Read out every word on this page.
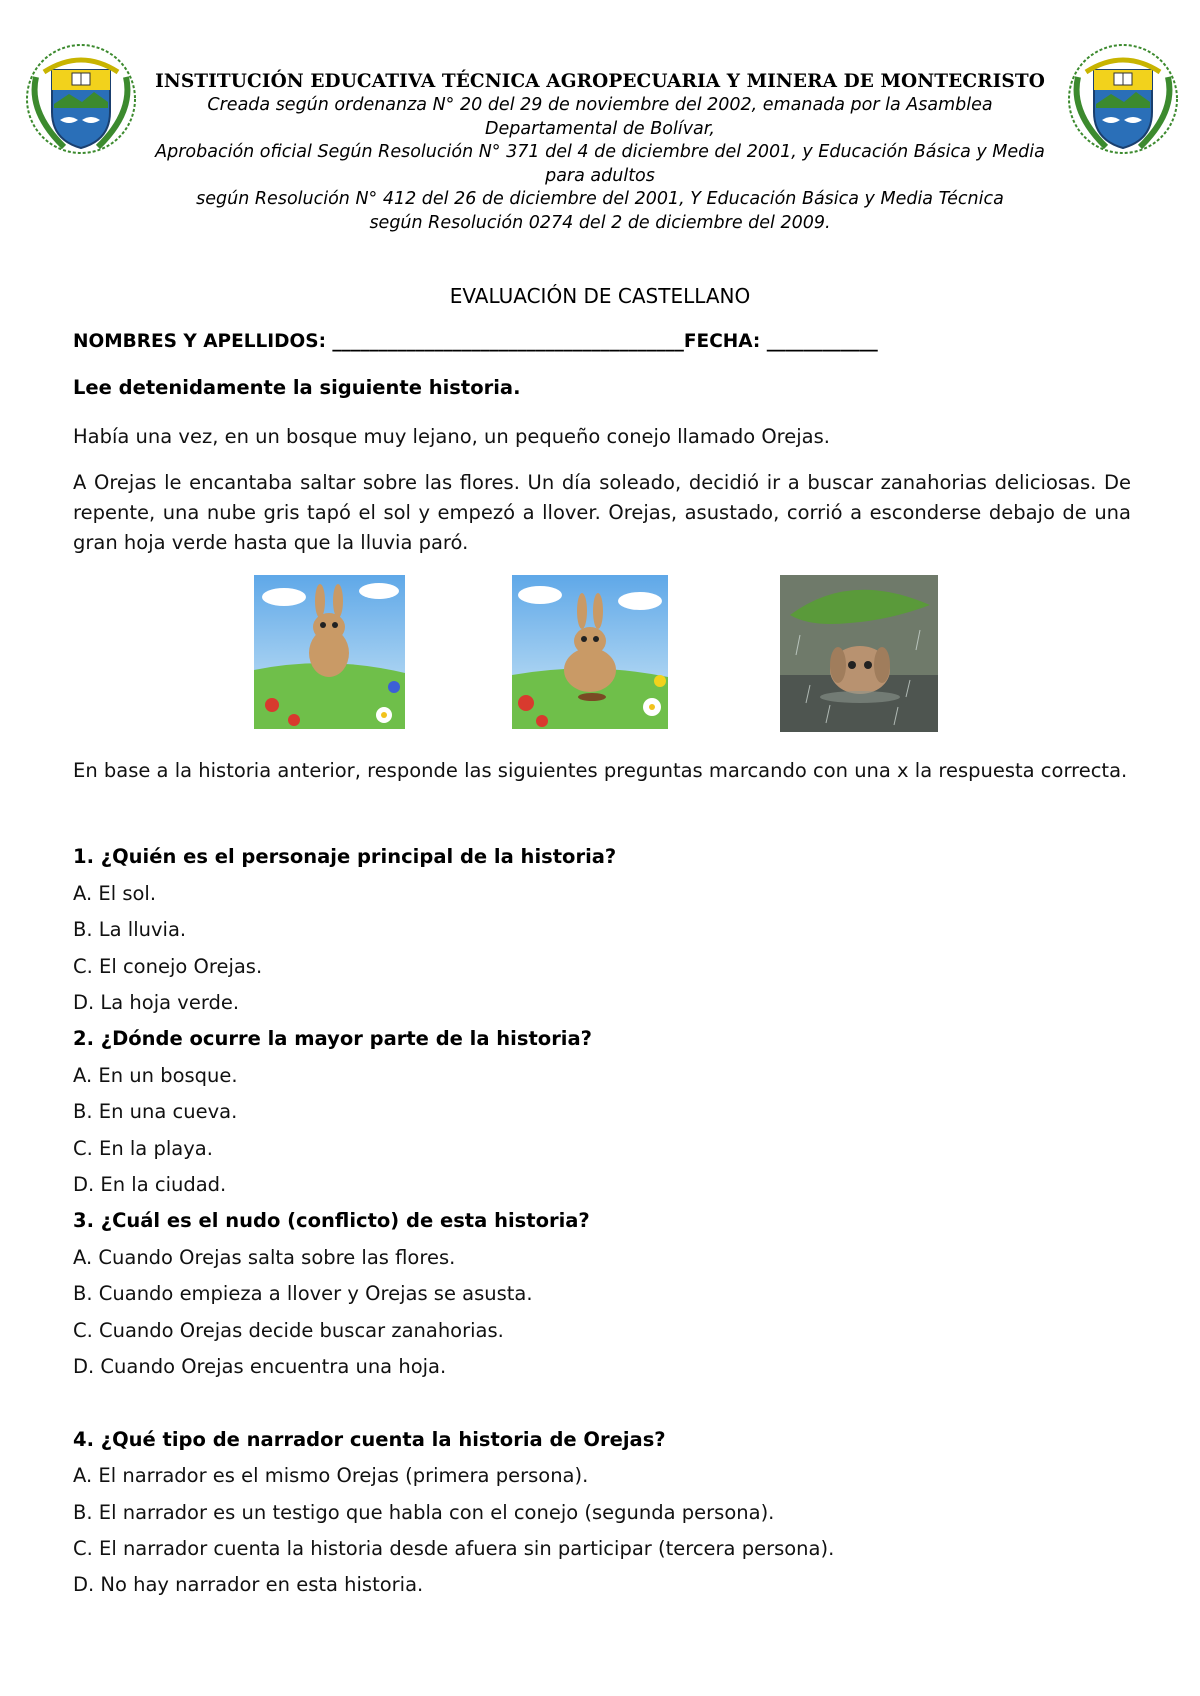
INSTITUCIÓN EDUCATIVA TÉCNICA AGROPECUARIA Y MINERA DE MONTECRISTO

Creada según ordenanza N° 20 del 29 de noviembre del 2002, emanada por la Asamblea

Departamental de Bolívar,

Aprobación oficial Según Resolución N° 371 del 4 de diciembre del 2001, y Educación Básica y Media

para adultos

según Resolución N° 412 del 26 de diciembre del 2001, Y Educación Básica y Media Técnica

según Resolución 0274 del 2 de diciembre del 2009.

EVALUACIÓN DE CASTELLANO
NOMBRES Y APELLIDOS: ______________________________________FECHA: ____________
Lee detenidamente la siguiente historia.

Había una vez, en un bosque muy lejano, un pequeño conejo llamado Orejas.

A Orejas le encantaba saltar sobre las flores. Un día soleado, decidió ir a buscar zanahorias deliciosas. De repente, una nube gris tapó el sol y empezó a llover. Orejas, asustado, corrió a esconderse debajo de una gran hoja verde hasta que la lluvia paró.

En base a la historia anterior, responde las siguientes preguntas marcando con una x la respuesta correcta.

1. ¿Quién es el personaje principal de la historia?
A. El sol.
B. La lluvia.
C. El conejo Orejas.
D. La hoja verde.
2. ¿Dónde ocurre la mayor parte de la historia?
A. En un bosque.
B. En una cueva.
C. En la playa.
D. En la ciudad.
3. ¿Cuál es el nudo (conflicto) de esta historia?
A. Cuando Orejas salta sobre las flores.
B. Cuando empieza a llover y Orejas se asusta.
C. Cuando Orejas decide buscar zanahorias.
D. Cuando Orejas encuentra una hoja.
4. ¿Qué tipo de narrador cuenta la historia de Orejas?
A. El narrador es el mismo Orejas (primera persona).
B. El narrador es un testigo que habla con el conejo (segunda persona).
C. El narrador cuenta la historia desde afuera sin participar (tercera persona).
D. No hay narrador en esta historia.
